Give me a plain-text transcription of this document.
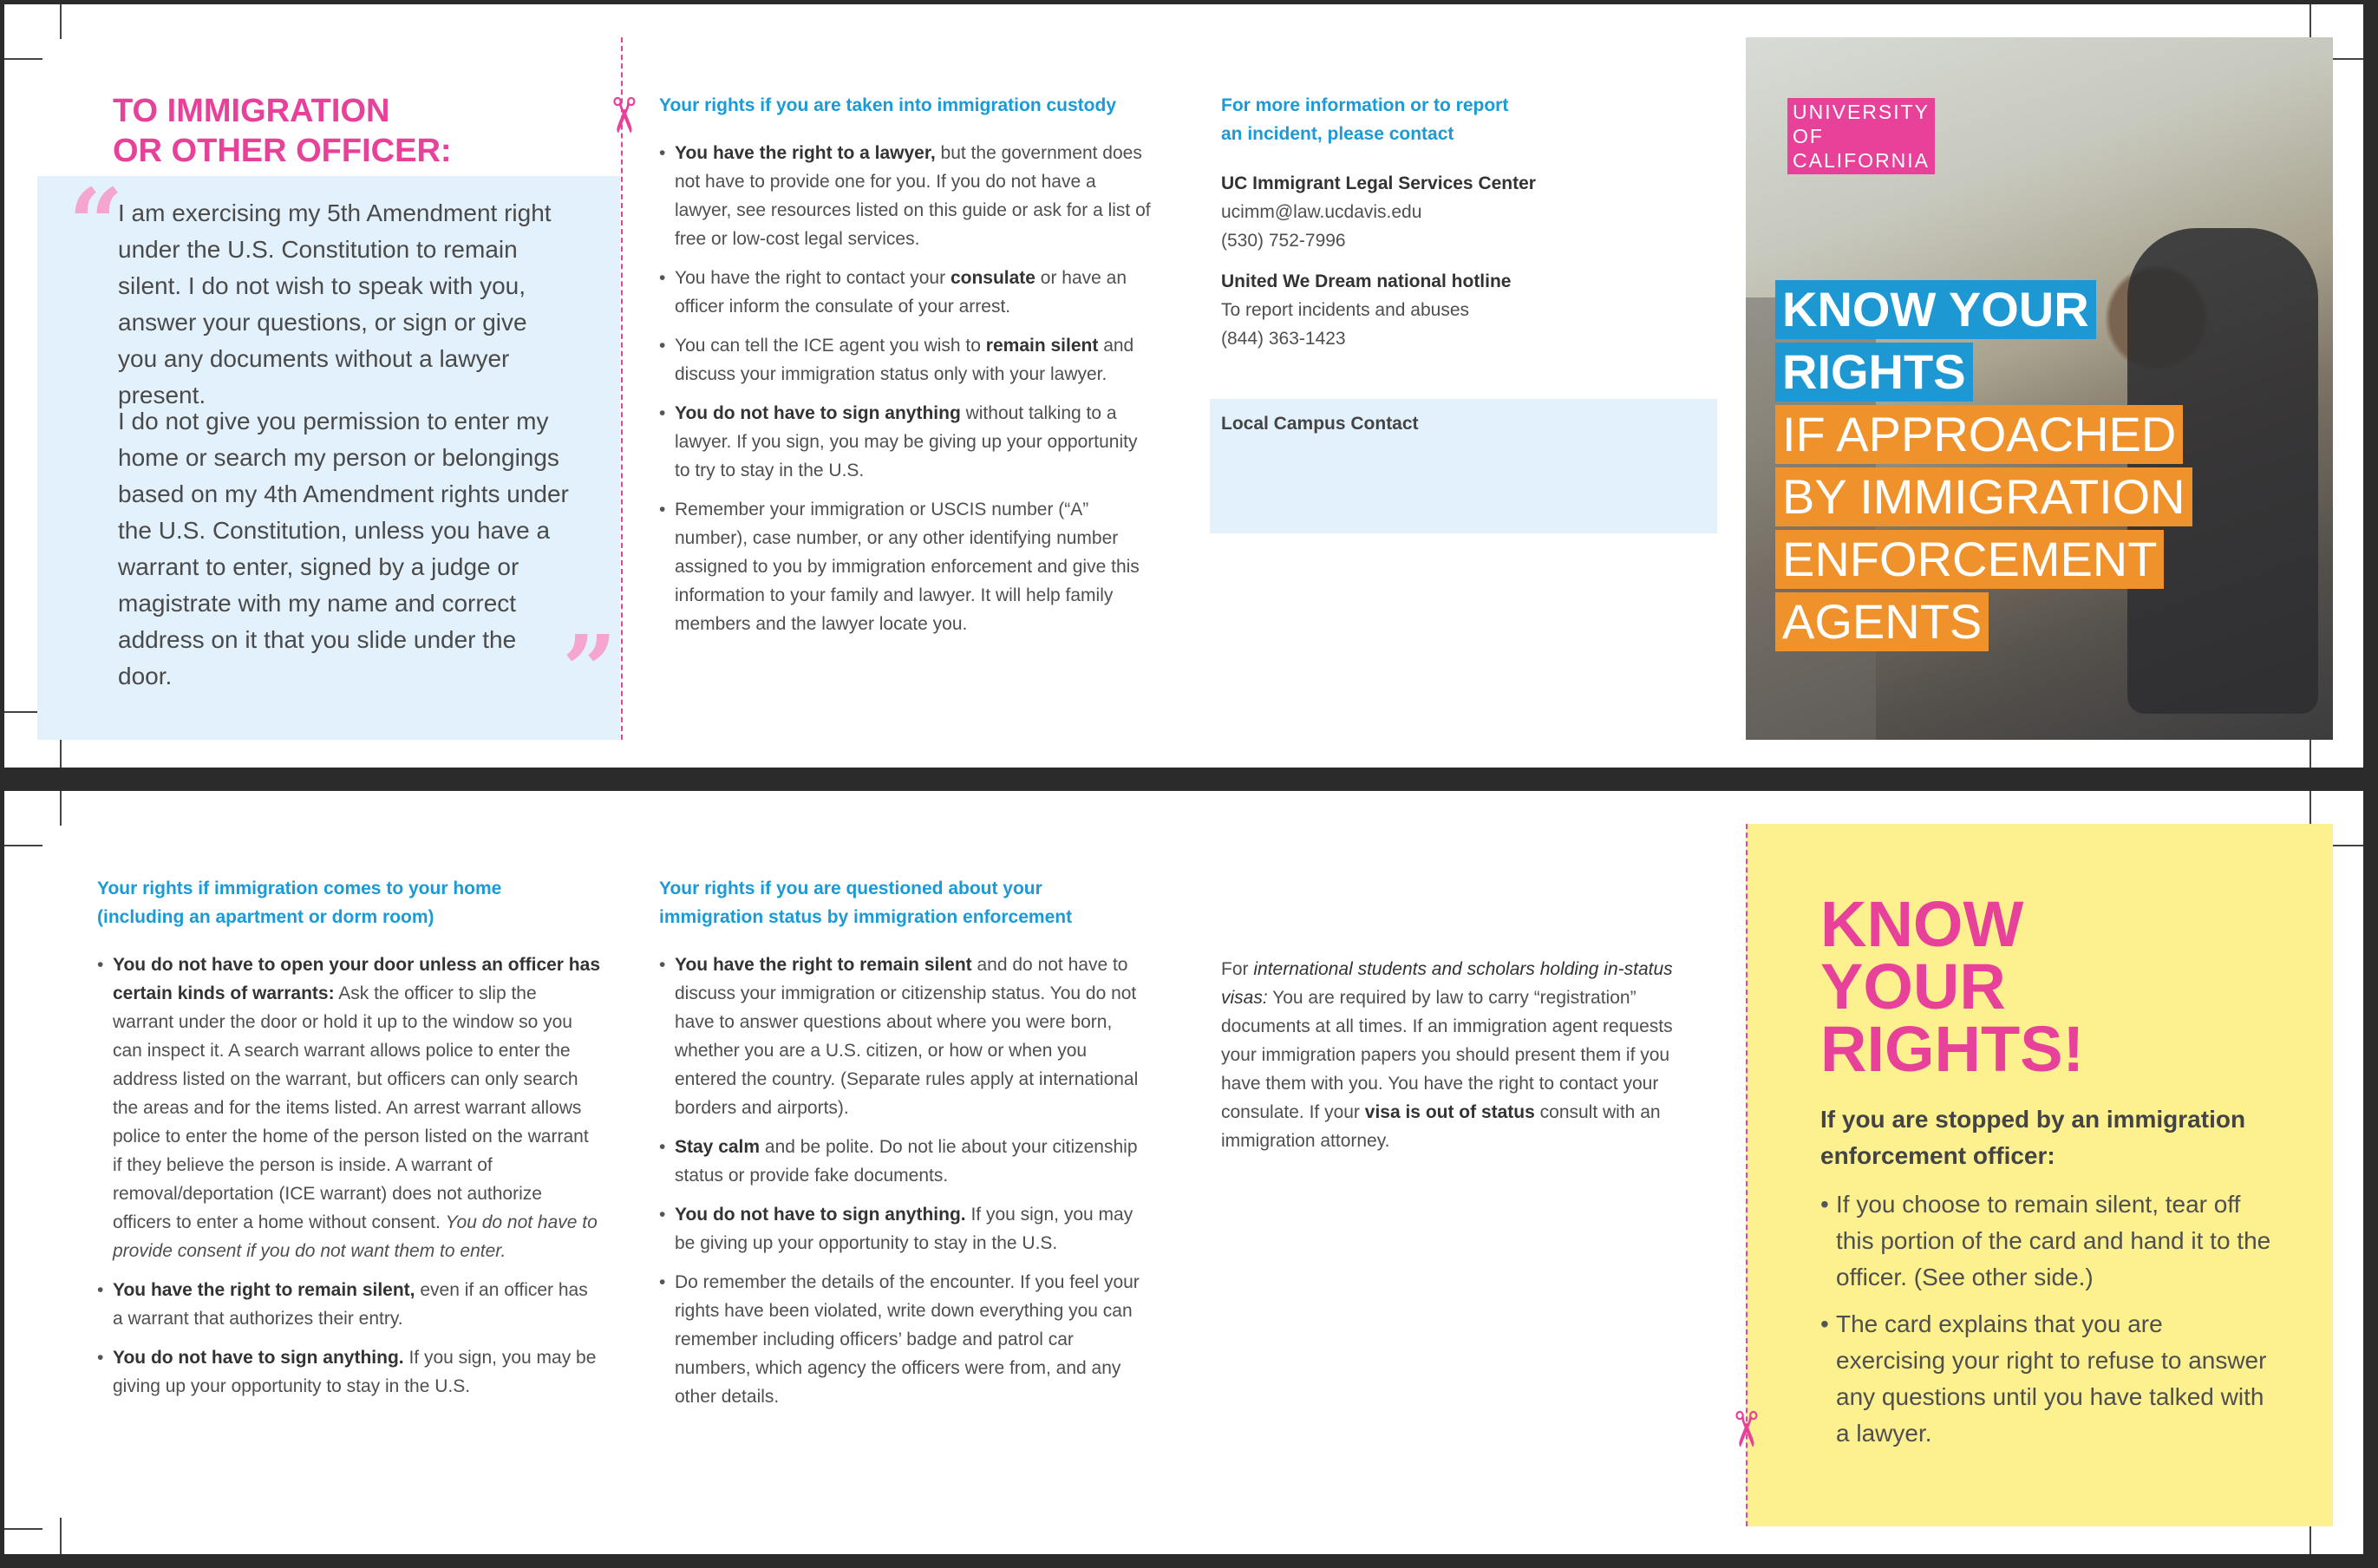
TO IMMIGRATION
OR OTHER OFFICER:
“
I am exercising my 5th Amendment right under the U.S. Constitution to remain silent. I do not wish to speak with you, answer your questions, or sign or give you any documents without a lawyer present.
I do not give you permission to enter my home or search my person or belongings based on my 4th Amendment rights under the U.S. Constitution, unless you have a warrant to enter, signed by a judge or magistrate with my name and correct address on it that you slide under the door.	”
✂ Your rights if you are taken into immigration custody
• You have the right to a lawyer, but the government does not have to provide one for you. If you do not have a lawyer, see resources listed on this guide or ask for a list of free or low-cost legal services.
• You have the right to contact your consulate or have an officer inform the consulate of your arrest.
• You can tell the ICE agent you wish to remain silent and discuss your immigration status only with your lawyer.
• You do not have to sign anything without talking to a lawyer. If you sign, you may be giving up your opportunity to try to stay in the U.S.
• Remember your immigration or USCIS number (“A” number), case number, or any other identifying number assigned to you by immigration enforcement and give this information to your family and lawyer. It will help family members and the lawyer locate you.
For more information or to report
an incident, please contact
UC Immigrant Legal Services Center
ucimm@law.ucdavis.edu
(530) 752-7996
United We Dream national hotline
To report incidents and abuses
(844) 363-1423
Local Campus Contact
UNIVERSITY
OF
CALIFORNIA
KNOW YOUR
RIGHTS
IF APPROACHED
BY IMMIGRATION
ENFORCEMENT
AGENTS
Your rights if immigration comes to your home
(including an apartment or dorm room)
• You do not have to open your door unless an officer has certain kinds of warrants: Ask the officer to slip the warrant under the door or hold it up to the window so you can inspect it. A search warrant allows police to enter the address listed on the warrant, but officers can only search the areas and for the items listed. An arrest warrant allows police to enter the home of the person listed on the warrant if they believe the person is inside. A warrant of removal/deportation (ICE warrant) does not authorize officers to enter a home without consent. You do not have to provide consent if you do not want them to enter.
• You have the right to remain silent, even if an officer has a warrant that authorizes their entry.
• You do not have to sign anything. If you sign, you may be giving up your opportunity to stay in the U.S.
Your rights if you are questioned about your
immigration status by immigration enforcement
• You have the right to remain silent and do not have to discuss your immigration or citizenship status. You do not have to answer questions about where you were born, whether you are a U.S. citizen, or how or when you entered the country. (Separate rules apply at international borders and airports).
• Stay calm and be polite. Do not lie about your citizenship status or provide fake documents.
• You do not have to sign anything. If you sign, you may be giving up your opportunity to stay in the U.S.
• Do remember the details of the encounter. If you feel your rights have been violated, write down everything you can remember including officers’ badge and patrol car numbers, which agency the officers were from, and any other details.
For international students and scholars holding in-status visas: You are required by law to carry “registration” documents at all times. If an immigration agent requests your immigration papers you should present them if you have them with you. You have the right to contact your consulate. If your visa is out of status consult with an immigration attorney.
KNOW
YOUR
RIGHTS!
If you are stopped by an immigration enforcement officer:
• If you choose to remain silent, tear off this portion of the card and hand it to the officer. (See other side.)
• The card explains that you are exercising your right to refuse to answer any questions until you have talked with a lawyer.
✂
